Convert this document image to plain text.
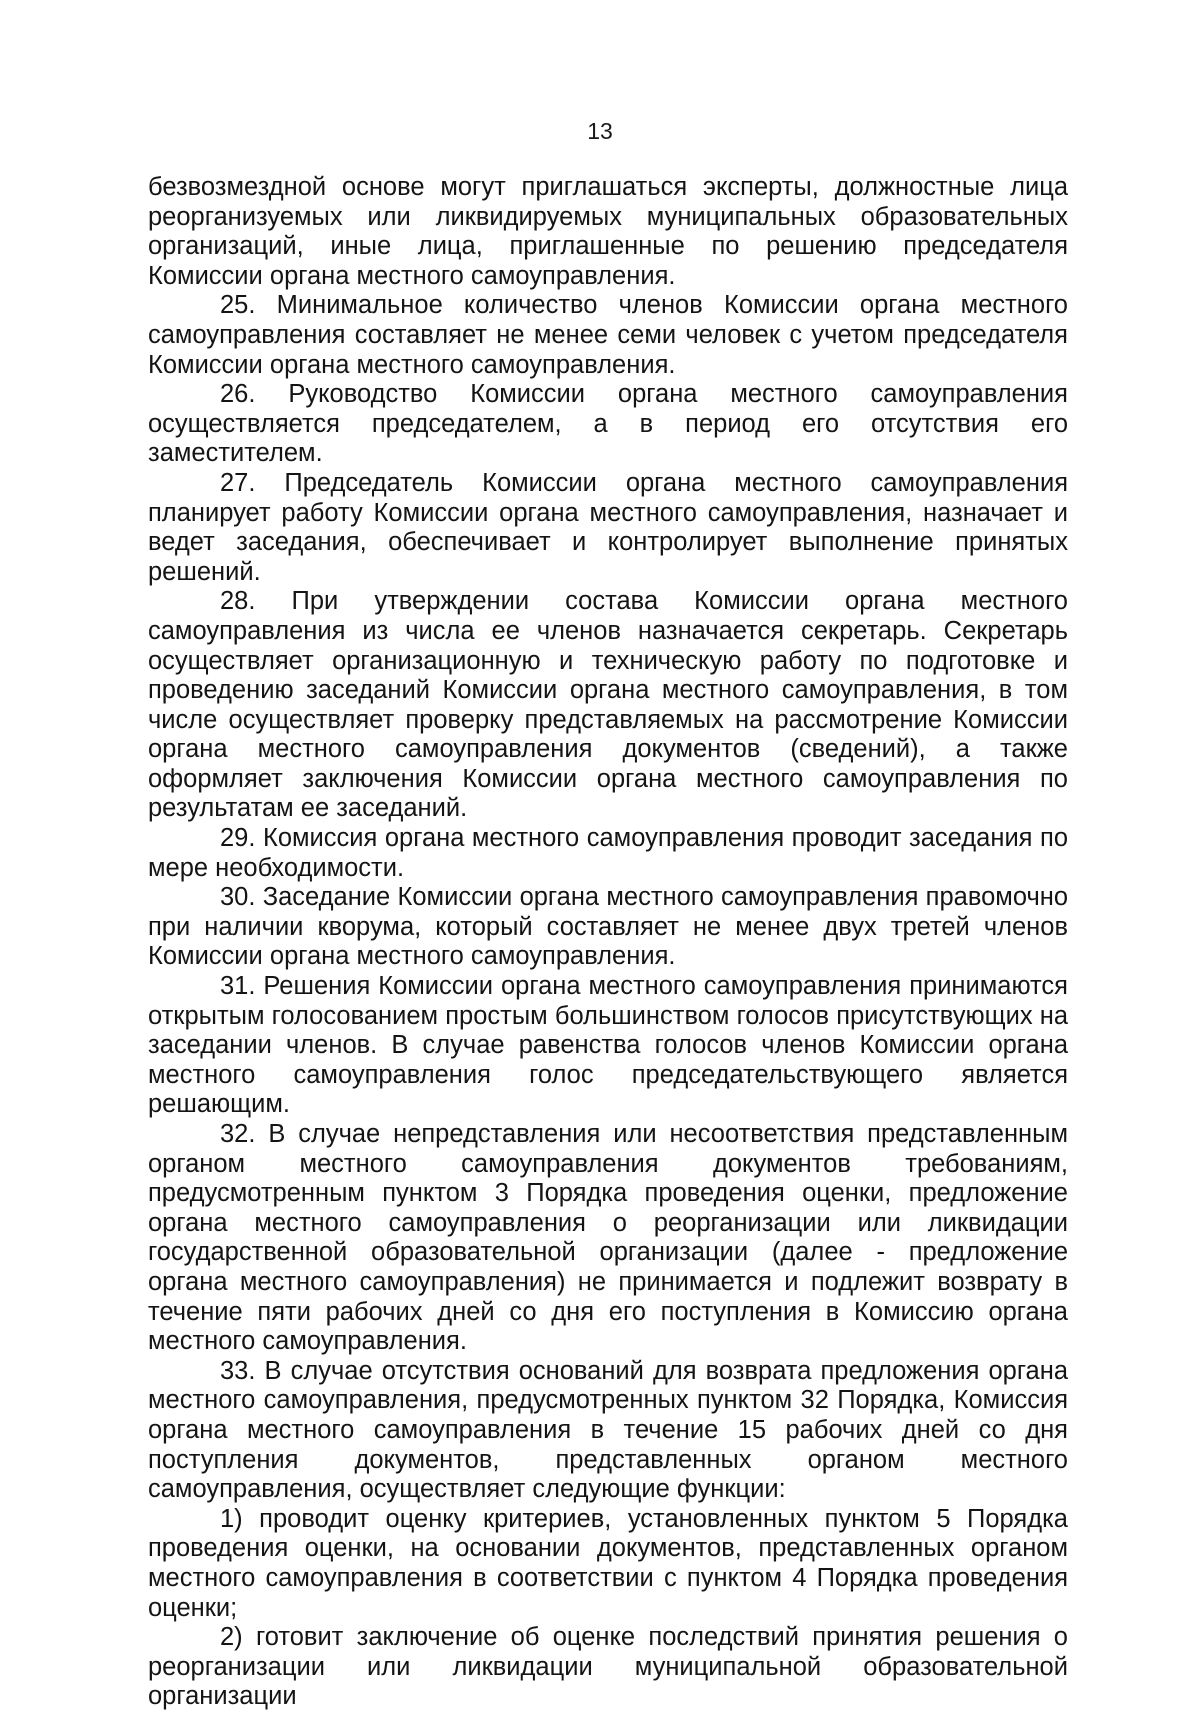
13

безвозмездной основе могут приглашаться эксперты, должностные лица реорганизуемых или ликвидируемых муниципальных образовательных организаций, иные лица, приглашенные по решению председателя Комиссии органа местного самоуправления.

25. Минимальное количество членов Комиссии органа местного самоуправления составляет не менее семи человек с учетом председателя Комиссии органа местного самоуправления.

26. Руководство Комиссии органа местного самоуправления осуществляется председателем, а в период его отсутствия его заместителем.

27. Председатель Комиссии органа местного самоуправления планирует работу Комиссии органа местного самоуправления, назначает и ведет заседания, обеспечивает и контролирует выполнение принятых решений.

28. При утверждении состава Комиссии органа местного самоуправления из числа ее членов назначается секретарь. Секретарь осуществляет организационную и техническую работу по подготовке и проведению заседаний Комиссии органа местного самоуправления, в том числе осуществляет проверку представляемых на рассмотрение Комиссии органа местного самоуправления документов (сведений), а также оформляет заключения Комиссии органа местного самоуправления по результатам ее заседаний.

29. Комиссия органа местного самоуправления проводит заседания по мере необходимости.

30. Заседание Комиссии органа местного самоуправления правомочно при наличии кворума, который составляет не менее двух третей членов Комиссии органа местного самоуправления.

31. Решения Комиссии органа местного самоуправления принимаются открытым голосованием простым большинством голосов присутствующих на заседании членов. В случае равенства голосов членов Комиссии органа местного самоуправления голос председательствующего является решающим.

32. В случае непредставления или несоответствия представленным органом местного самоуправления документов требованиям, предусмотренным пунктом 3 Порядка проведения оценки, предложение органа местного самоуправления о реорганизации или ликвидации государственной образовательной организации (далее - предложение органа местного самоуправления) не принимается и подлежит возврату в течение пяти рабочих дней со дня его поступления в Комиссию органа местного самоуправления.

33. В случае отсутствия оснований для возврата предложения органа местного самоуправления, предусмотренных пунктом 32 Порядка, Комиссия органа местного самоуправления в течение 15 рабочих дней со дня поступления документов, представленных органом местного самоуправления, осуществляет следующие функции:

1) проводит оценку критериев, установленных пунктом 5 Порядка проведения оценки, на основании документов, представленных органом местного самоуправления в соответствии с пунктом 4 Порядка проведения оценки;

2) готовит заключение об оценке последствий принятия решения о реорганизации или ликвидации муниципальной образовательной организации
